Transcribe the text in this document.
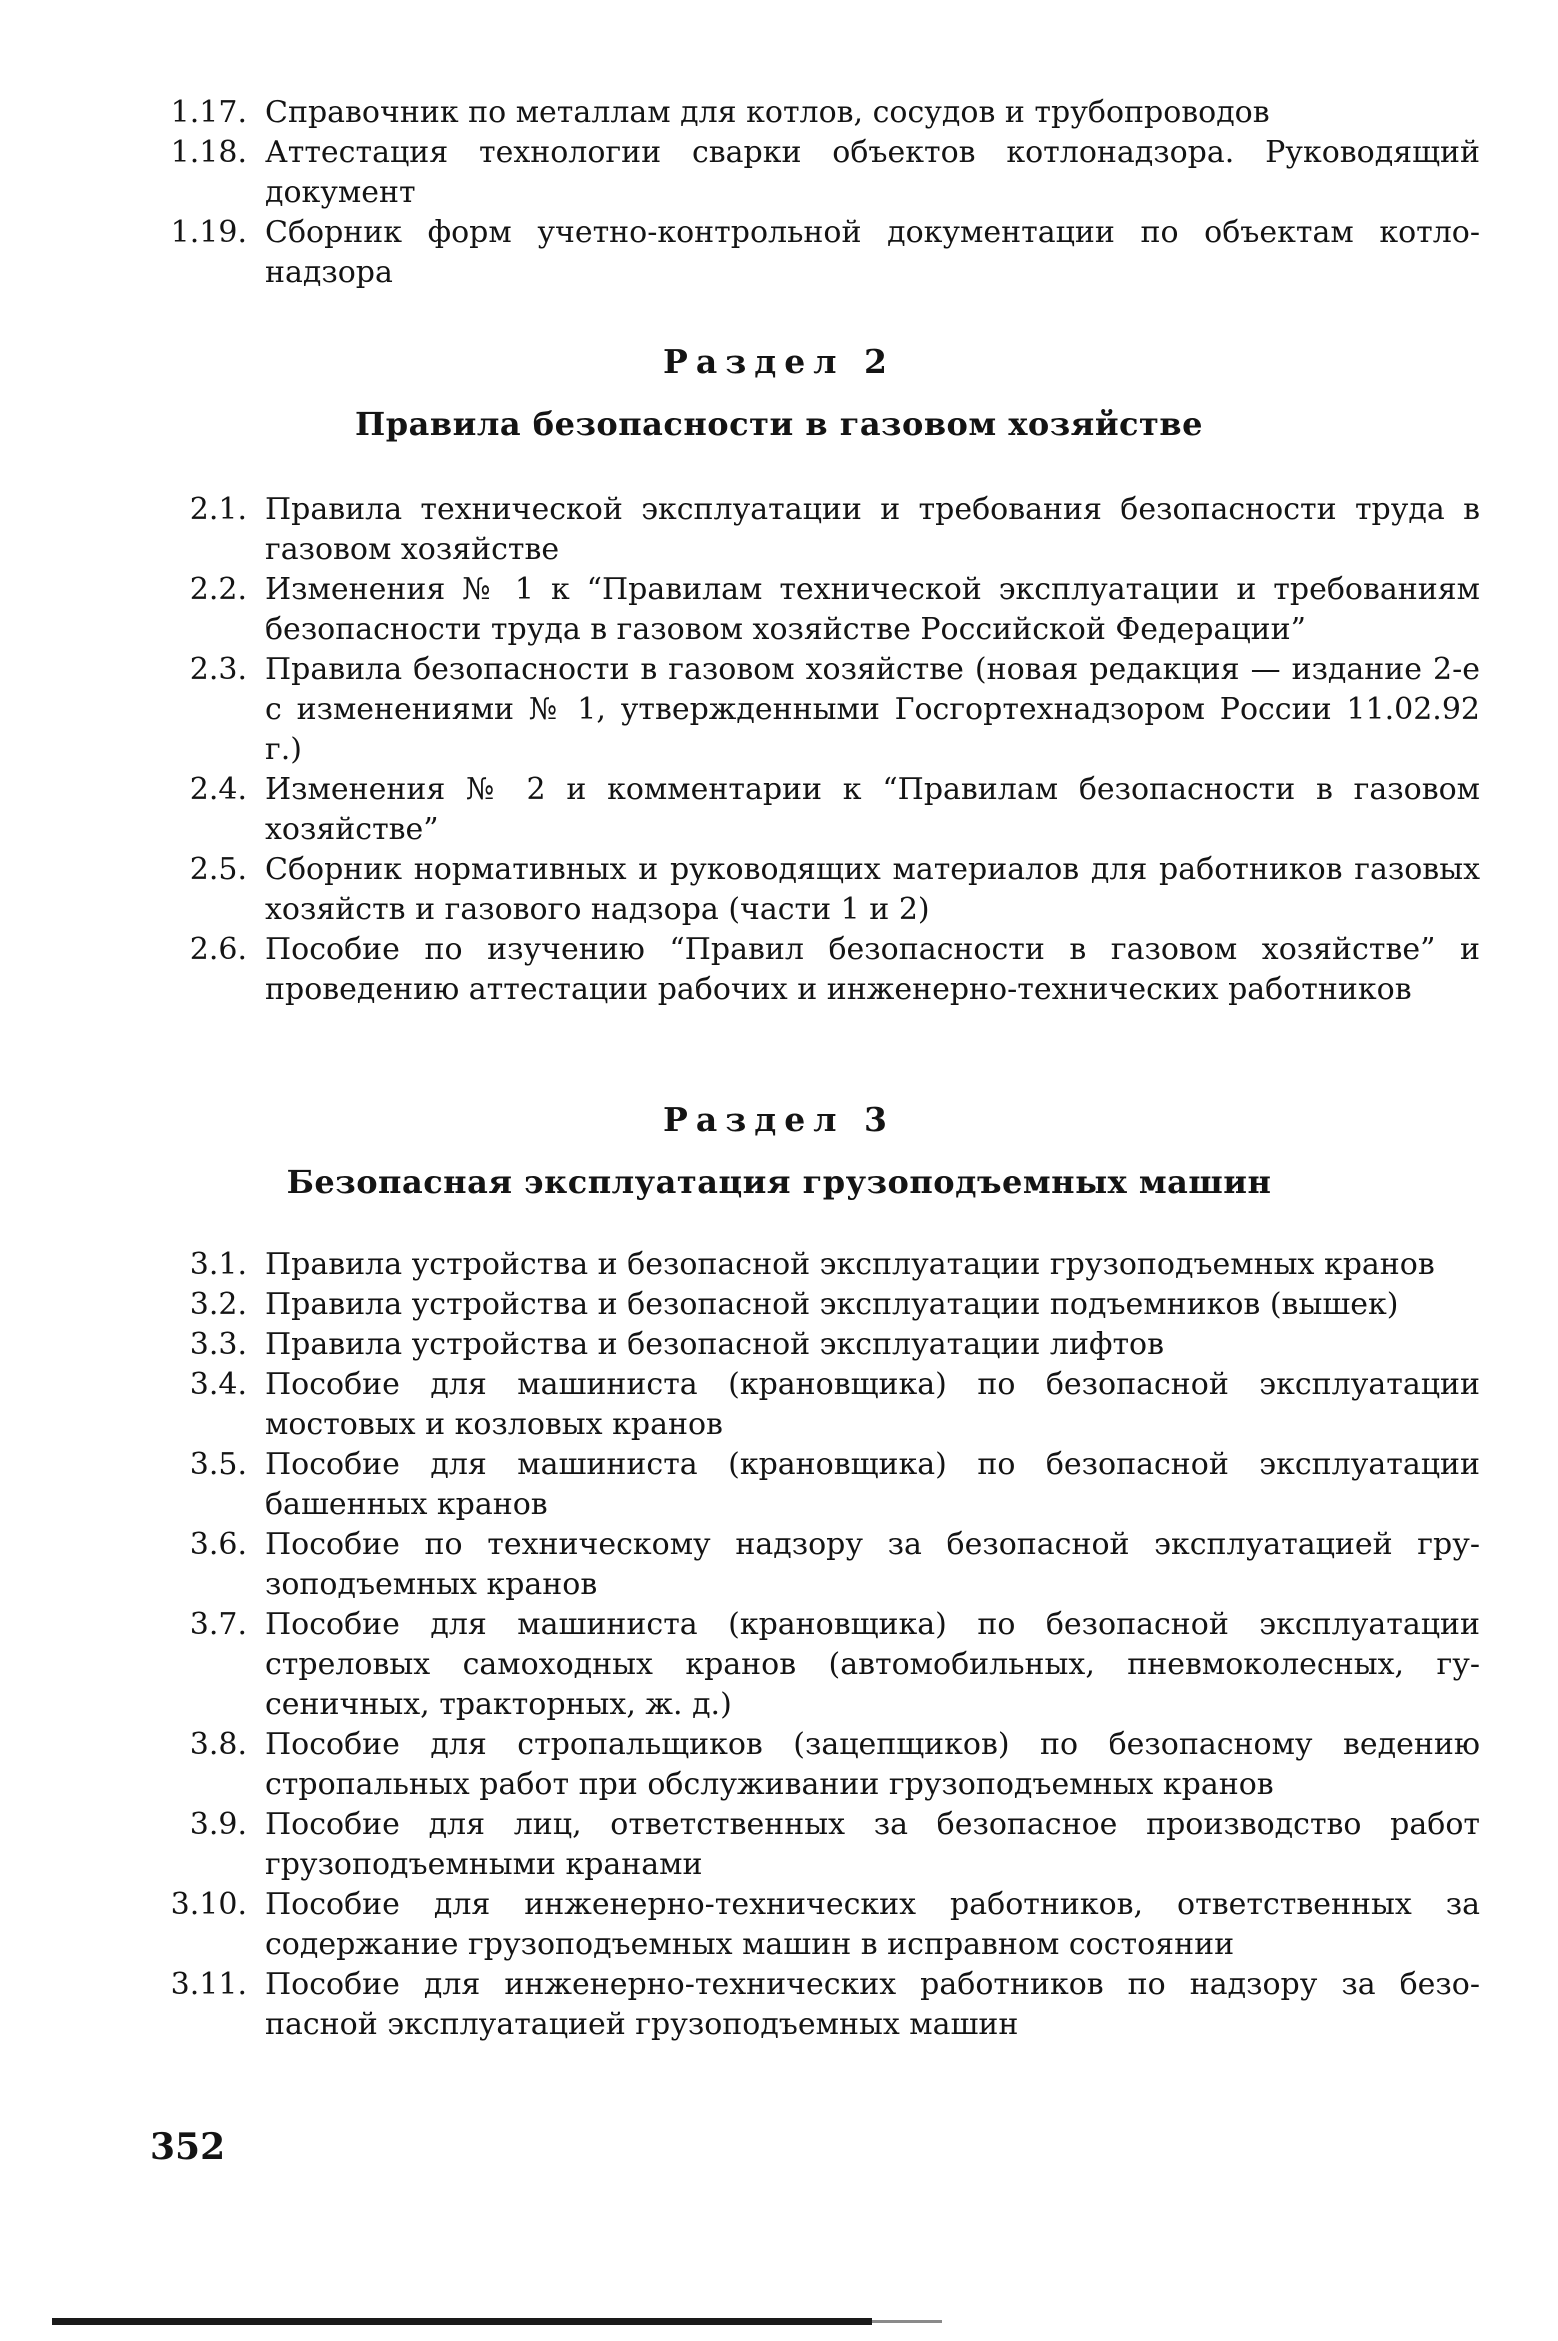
1.17. Справочник по металлам для котлов, сосудов и трубопроводов
1.18. Аттестация технологии сварки объектов котлонадзора. Руководящий документ
1.19. Сборник форм учетно-контрольной документации по объектам котлонадзора
Раздел 2
Правила безопасности в газовом хозяйстве
2.1. Правила технической эксплуатации и требования безопасности труда в газовом хозяйстве
2.2. Изменения № 1 к “Правилам технической эксплуатации и требованиям безопасности труда в газовом хозяйстве Российской Федерации”
2.3. Правила безопасности в газовом хозяйстве (новая редакция — издание 2-е с изменениями № 1, утвержденными Госгортехнадзором России 11.02.92 г.)
2.4. Изменения № 2 и комментарии к “Правилам безопасности в газовом хозяйстве”
2.5. Сборник нормативных и руководящих материалов для работников газовых хозяйств и газового надзора (части 1 и 2)
2.6. Пособие по изучению “Правил безопасности в газовом хозяйстве” и проведению аттестации рабочих и инженерно-технических работников
Раздел 3
Безопасная эксплуатация грузоподъемных машин
3.1. Правила устройства и безопасной эксплуатации грузоподъемных кранов
3.2. Правила устройства и безопасной эксплуатации подъемников (вышек)
3.3. Правила устройства и безопасной эксплуатации лифтов
3.4. Пособие для машиниста (крановщика) по безопасной эксплуатации мостовых и козловых кранов
3.5. Пособие для машиниста (крановщика) по безопасной эксплуатации башенных кранов
3.6. Пособие по техническому надзору за безопасной эксплуатацией грузоподъемных кранов
3.7. Пособие для машиниста (крановщика) по безопасной эксплуатации стреловых самоходных кранов (автомобильных, пневмоколесных, гусеничных, тракторных, ж. д.)
3.8. Пособие для стропальщиков (зацепщиков) по безопасному ведению стропальных работ при обслуживании грузоподъемных кранов
3.9. Пособие для лиц, ответственных за безопасное производство работ грузоподъемными кранами
3.10. Пособие для инженерно-технических работников, ответственных за содержание грузоподъемных машин в исправном состоянии
3.11. Пособие для инженерно-технических работников по надзору за безопасной эксплуатацией грузоподъемных машин
352
